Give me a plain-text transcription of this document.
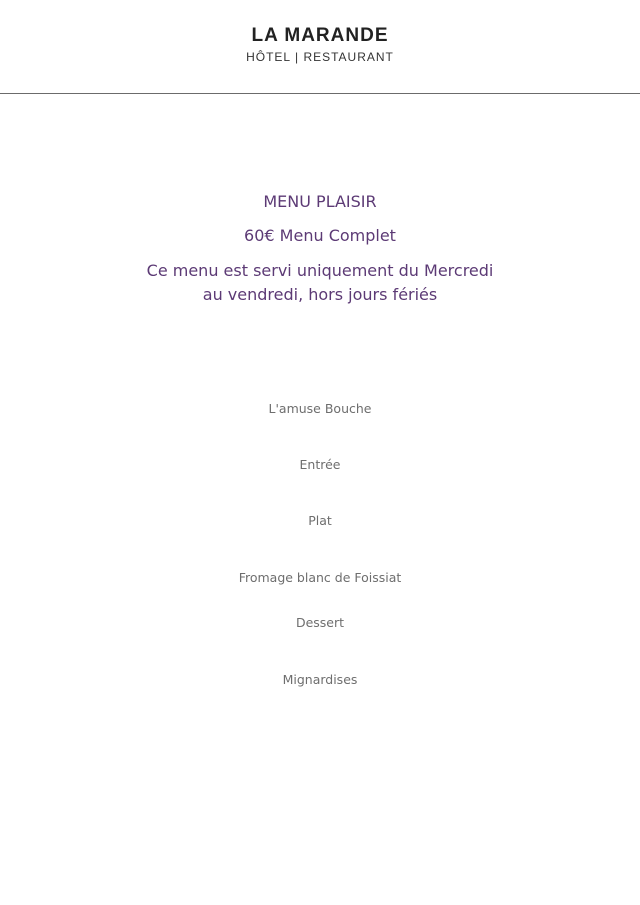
LA MARANDE
HÔTEL | RESTAURANT
MENU PLAISIR
60€ Menu Complet
Ce menu est servi uniquement du Mercredi
au vendredi, hors jours fériés
L'amuse Bouche
Entrée
Plat
Fromage blanc de Foissiat
Dessert
Mignardises
